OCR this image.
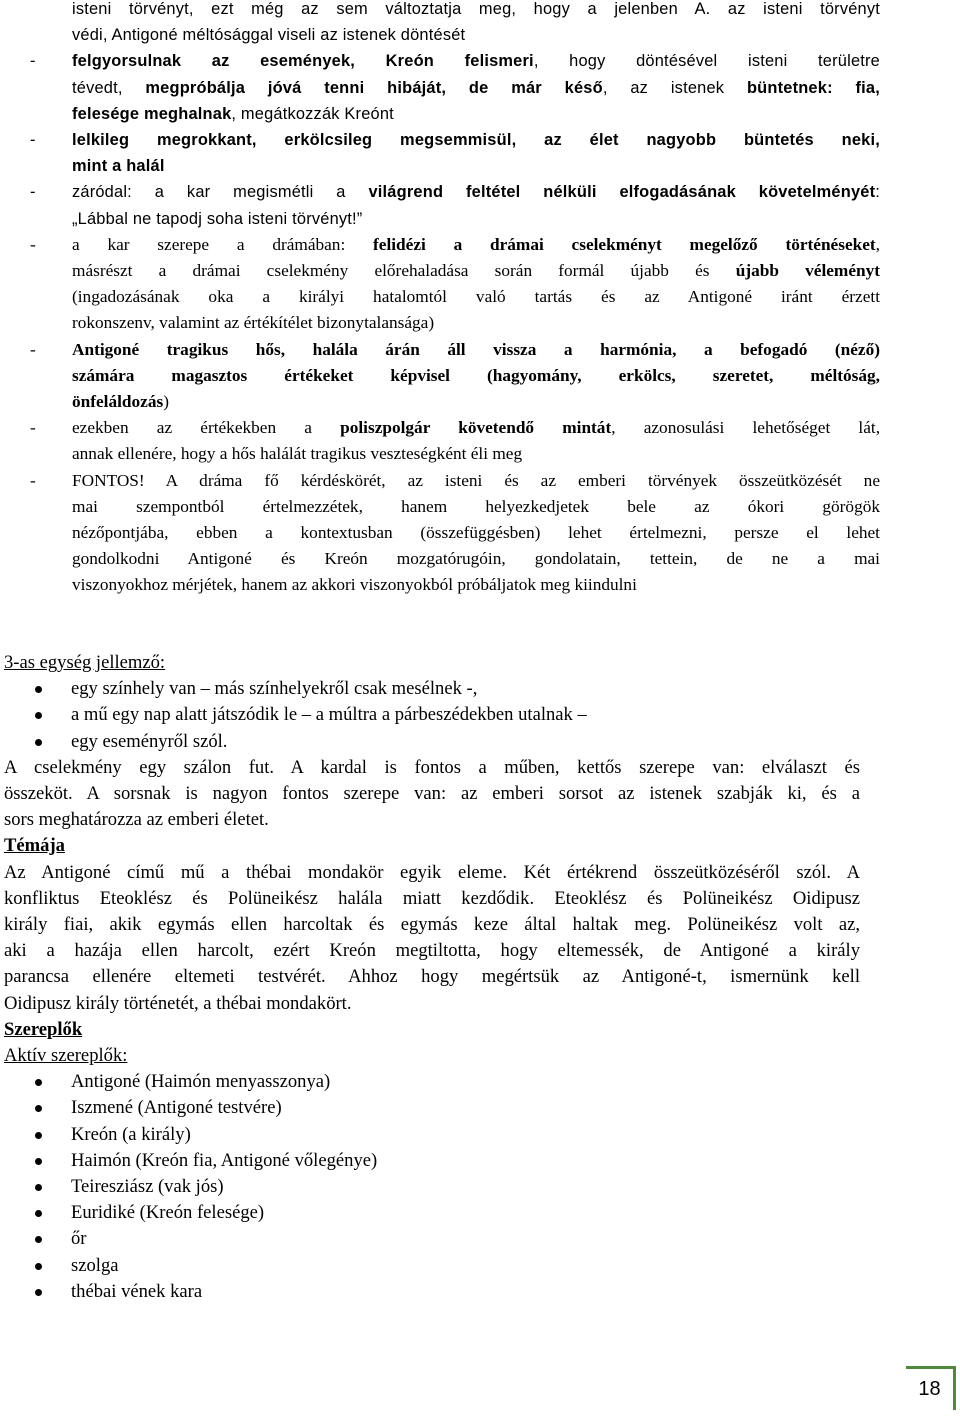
isteni törvényt, ezt még az sem változtatja meg, hogy a jelenben A. az isteni törvényt
védi, Antigoné méltósággal viseli az istenek döntését
- felgyorsulnak az események, Kreón felismeri, hogy döntésével isteni területre
tévedt, megpróbálja jóvá tenni hibáját, de már késő, az istenek büntetnek: fia,
felesége meghalnak, megátkozzák Kreónt
- lelkileg megrokkant, erkölcsileg megsemmisül, az élet nagyobb büntetés neki,
mint a halál
- záródal: a kar megismétli a világrend feltétel nélküli elfogadásának követelményét:
„Lábbal ne tapodj soha isteni törvényt!”
- a kar szerepe a drámában: felidézi a drámai cselekményt megelőző történéseket,
másrészt a drámai cselekmény előrehaladása során formál újabb és újabb véleményt
(ingadozásának oka a királyi hatalomtól való tartás és az Antigoné iránt érzett
rokonszenv, valamint az értékítélet bizonytalansága)
- Antigoné tragikus hős, halála árán áll vissza a harmónia, a befogadó (néző)
számára magasztos értékeket képvisel (hagyomány, erkölcs, szeretet, méltóság,
önfeláldozás)
- ezekben az értékekben a poliszpolgár követendő mintát, azonosulási lehetőséget lát,
annak ellenére, hogy a hős halálát tragikus veszteségként éli meg
- FONTOS! A dráma fő kérdéskörét, az isteni és az emberi törvények összeütközését ne
mai szempontból értelmezzétek, hanem helyezkedjetek bele az ókori görögök
nézőpontjába, ebben a kontextusban (összefüggésben) lehet értelmezni, persze el lehet
gondolkodni Antigoné és Kreón mozgatórugóin, gondolatain, tettein, de ne a mai
viszonyokhoz mérjétek, hanem az akkori viszonyokból próbáljatok meg kiindulni
3-as egység jellemző:
egy színhely van – más színhelyekről csak mesélnek -,
a mű egy nap alatt játszódik le – a múltra a párbeszédekben utalnak –
egy eseményről szól.
A cselekmény egy szálon fut. A kardal is fontos a műben, kettős szerepe van: elválaszt és
összeköt. A sorsnak is nagyon fontos szerepe van: az emberi sorsot az istenek szabják ki, és a
sors meghatározza az emberi életet.
Témája
Az Antigoné című mű a thébai mondakör egyik eleme. Két értékrend összeütközéséről szól. A
konfliktus Eteoklész és Polüneikész halála miatt kezdődik. Eteoklész és Polüneikész Oidipusz
király fiai, akik egymás ellen harcoltak és egymás keze által haltak meg. Polüneikész volt az,
aki a hazája ellen harcolt, ezért Kreón megtiltotta, hogy eltemessék, de Antigoné a király
parancsa ellenére eltemeti testvérét. Ahhoz hogy megértsük az Antigoné-t, ismernünk kell
Oidipusz király történetét, a thébai mondakört.
Szereplők
Aktív szereplők:
Antigoné (Haimón menyasszonya)
Iszmené (Antigoné testvére)
Kreón (a király)
Haimón (Kreón fia, Antigoné vőlegénye)
Teiresziász (vak jós)
Euridiké (Kreón felesége)
őr
szolga
thébai vének kara
18
